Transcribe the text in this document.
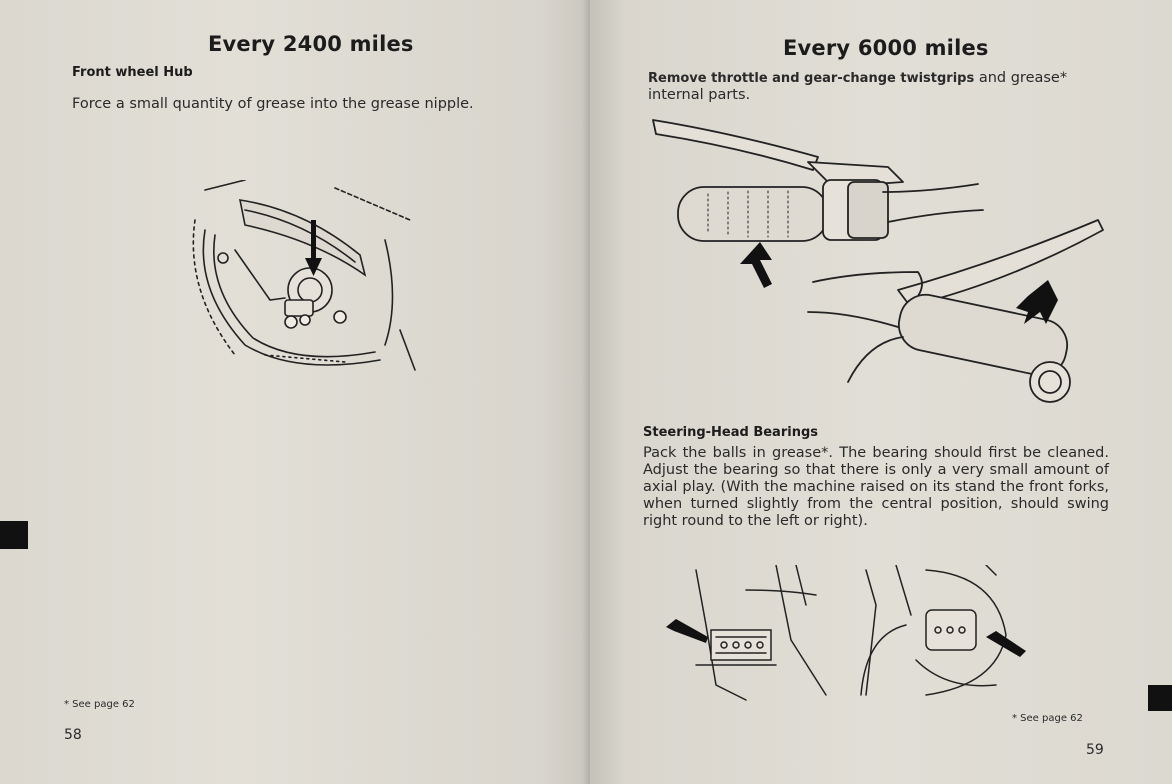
Every 2400 miles
Front wheel Hub
Force a small quantity of grease into the grease nipple.
* See page 62
58
Every 6000 miles
Remove throttle and gear-change twistgrips and grease* internal parts.
Steering-Head Bearings
Pack the balls in grease*. The bearing should first be cleaned. Adjust the bearing so that there is only a very small amount of axial play. (With the machine raised on its stand the front forks, when turned slightly from the central position, should swing right round to the left or right).
* See page 62
59
